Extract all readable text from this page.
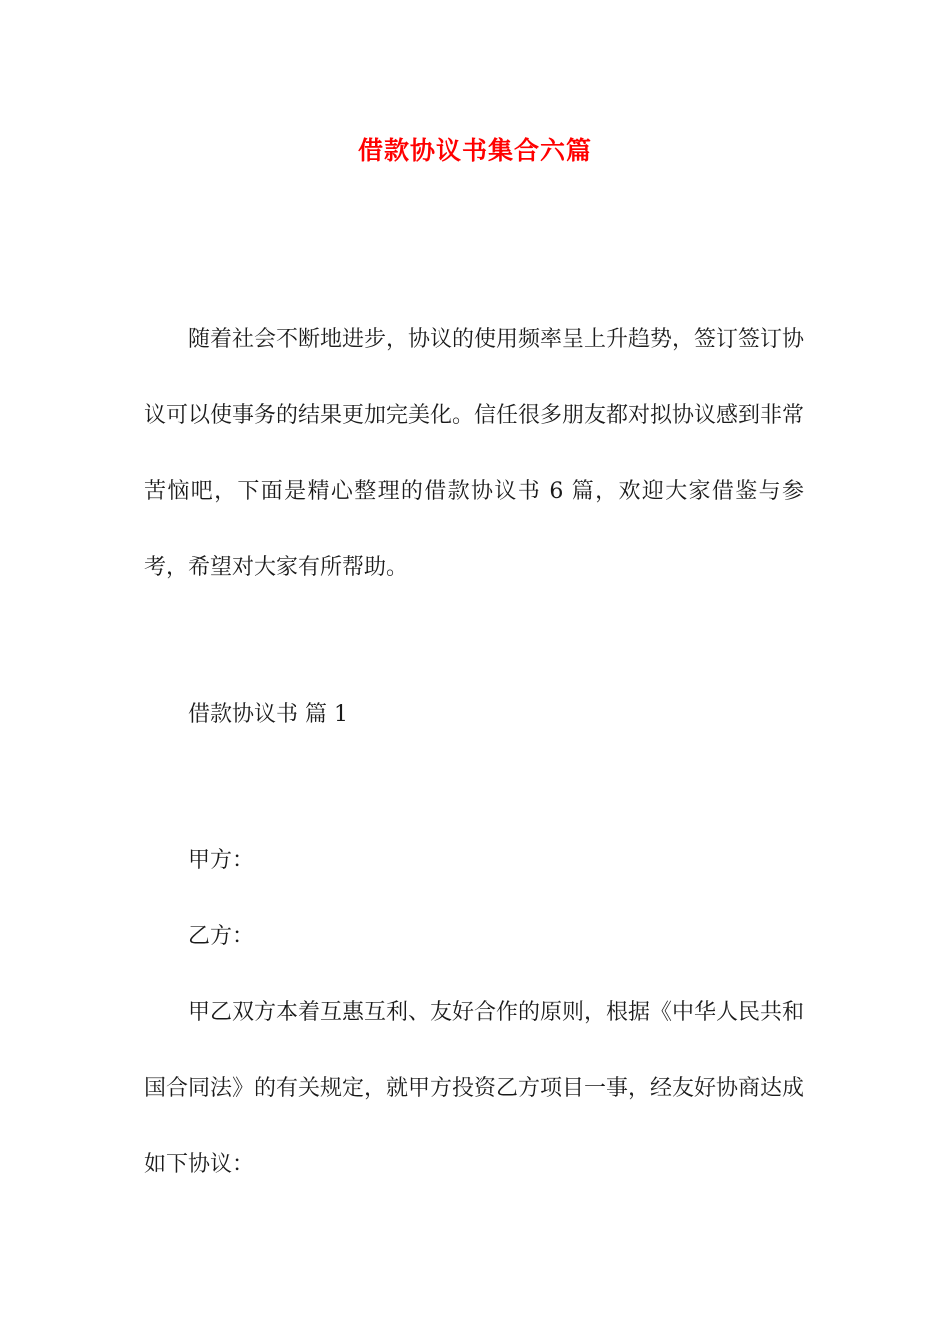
借款协议书集合六篇

随着社会不断地进步，协议的使用频率呈上升趋势，签订签订协议可以使事务的结果更加完美化。信任很多朋友都对拟协议感到非常苦恼吧，下面是精心整理的借款协议书 6 篇，欢迎大家借鉴与参考，希望对大家有所帮助。

借款协议书 篇 1

甲方：

乙方：

甲乙双方本着互惠互利、友好合作的原则，根据《中华人民共和国合同法》的有关规定，就甲方投资乙方项目一事，经友好协商达成如下协议：
